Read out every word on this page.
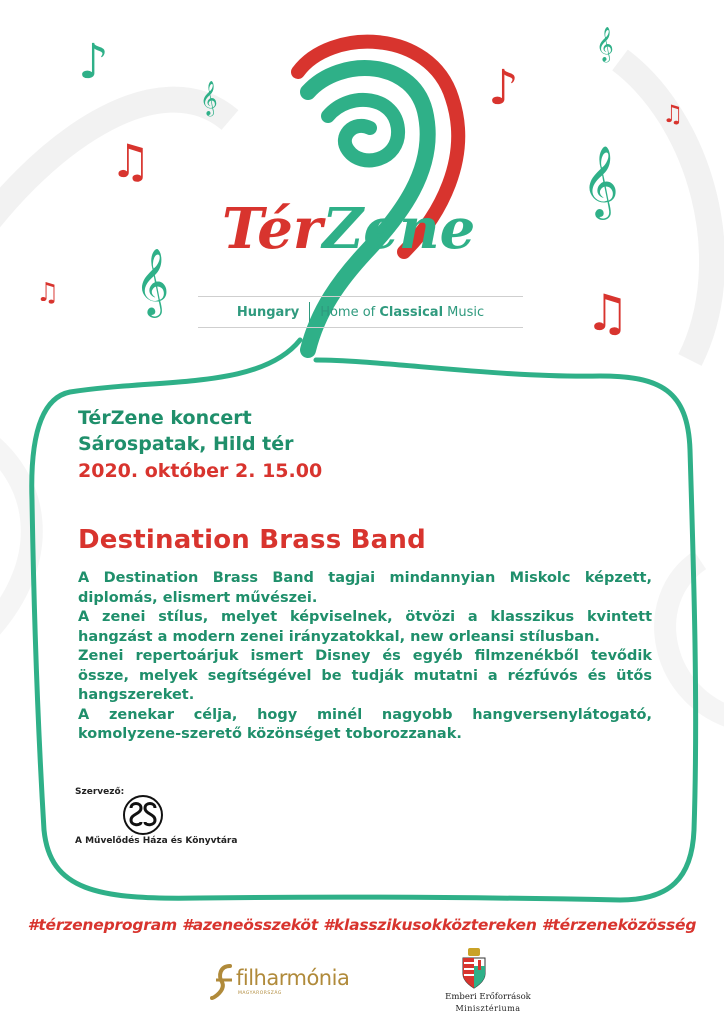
♪
𝄞
♫
♫ 𝄞
𝄞
♪	♫
𝄞
♫
TérZene
Hungary Home of Classical Music
TérZene koncert
Sárospatak, Hild tér
2020. október 2. 15.00
Destination Brass Band

A Destination Brass Band tagjai mindannyian Miskolc képzett, diplomás, elismert művészei.

A zenei stílus, melyet képviselnek, ötvözi a klasszikus kvintett hangzást a modern zenei irányzatokkal, new orleansi stílusban.

Zenei repertoárjuk ismert Disney és egyéb filmzenékből tevődik össze, melyek segítségével be tudják mutatni a rézfúvós és ütős hangszereket.

A zenekar célja, hogy minél nagyobb hangversenylátogató, komolyzene-szerető közönséget toborozzanak.

Szervező:
A Művelődés Háza és Könyvtára
#térzeneprogram #azeneösszeköt #klasszikusokköztereken #térzeneközösség
filharmónia
MAGYARORSZÁG	Emberi Erőforrások
Minisztériuma
